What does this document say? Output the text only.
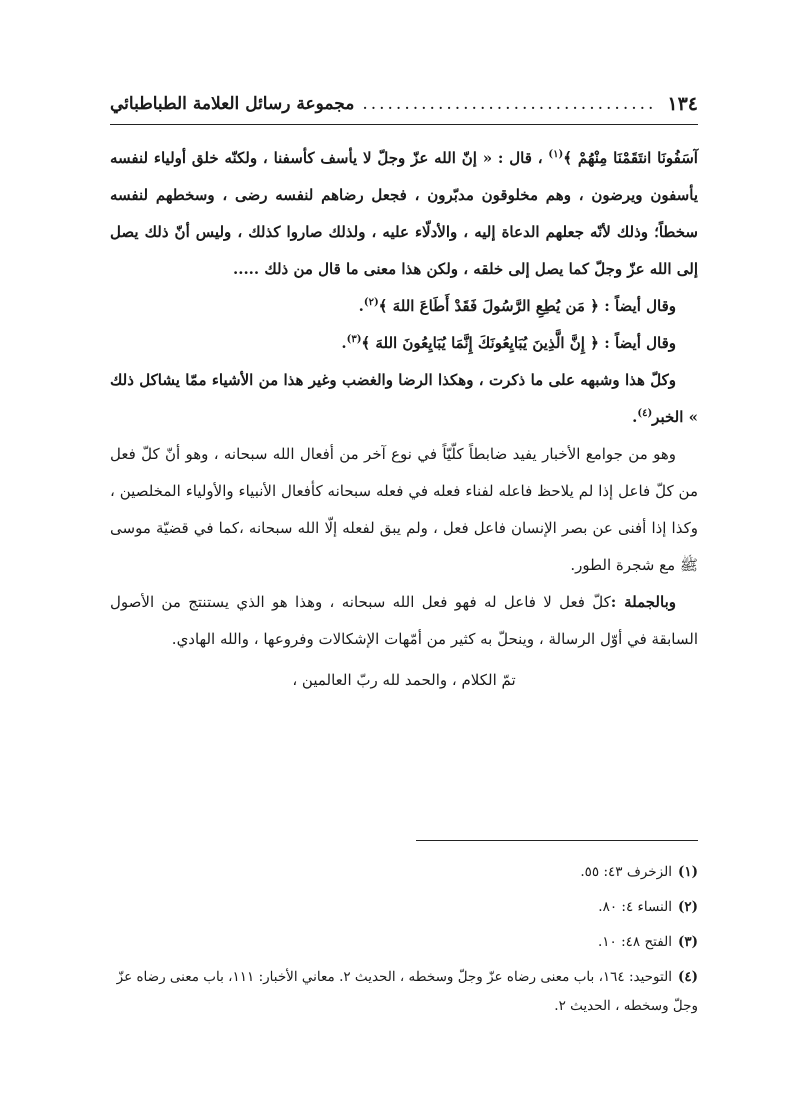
١٣٤
...................................
مجموعة رسائل العلامة الطباطبائي

آسَفُونَا انتَقَمْنَا مِنْهُمْ ﴾$^{(١)}$ ، قال : « إنّ الله عزّ وجلّ لا يأسف كأسفنا ، ولكنّه خلق أولياء لنفسه يأسفون ويرضون ، وهم مخلوقون مدبّرون ، فجعل رضاهم لنفسه رضى ، وسخطهم لنفسه سخطاً؛ وذلك لأنّه جعلهم الدعاة إليه ، والأدلّاء عليه ، ولذلك صاروا كذلك ، وليس أنّ ذلك يصل إلى الله عزّ وجلّ كما يصل إلى خلقه ، ولكن هذا معنى ما قال من ذلك .....

وقال أيضاً : ﴿ مَن يُطِعِ الرَّسُولَ فَقَدْ أَطَاعَ اللهَ ﴾$^{(٢)}$.

وقال أيضاً : ﴿ إِنَّ الَّذِينَ يُبَايِعُونَكَ إِنَّمَا يُبَايِعُونَ اللهَ ﴾$^{(٣)}$.

وكلّ هذا وشبهه على ما ذكرت ، وهكذا الرضا والغضب وغير هذا من الأشياء ممّا يشاكل ذلك » الخبر$^{(٤)}$.

وهو من جوامع الأخبار يفيد ضابطاً كلّيّاً في نوع آخر من أفعال الله سبحانه ، وهو أنّ كلّ فعل من كلّ فاعل إذا لم يلاحظ فاعله لفناء فعله في فعله سبحانه كأفعال الأنبياء والأولياء المخلصين ، وكذا إذا أفنى عن بصر الإنسان فاعل فعل ، ولم يبق لفعله إلّا الله سبحانه ،كما في قضيّة موسى ﷺ مع شجرة الطور.

وبالجملة :كلّ فعل لا فاعل له فهو فعل الله سبحانه ، وهذا هو الذي يستنتج من الأصول السابقة في أوّل الرسالة ، وينحلّ به كثير من أمّهات الإشكالات وفروعها ، والله الهادي.

تمّ الكلام ، والحمد لله ربّ العالمين ،

(١)الزخرف ٤٣: ٥٥.

(٢)النساء ٤: ٨٠.

(٣)الفتح ٤٨: ١٠.

(٤)التوحيد: ١٦٤، باب معنى رضاه عزّ وجلّ وسخطه ، الحديث ٢. معاني الأخبار: ١١١، باب معنى رضاه عزّ وجلّ وسخطه ، الحديث ٢.
